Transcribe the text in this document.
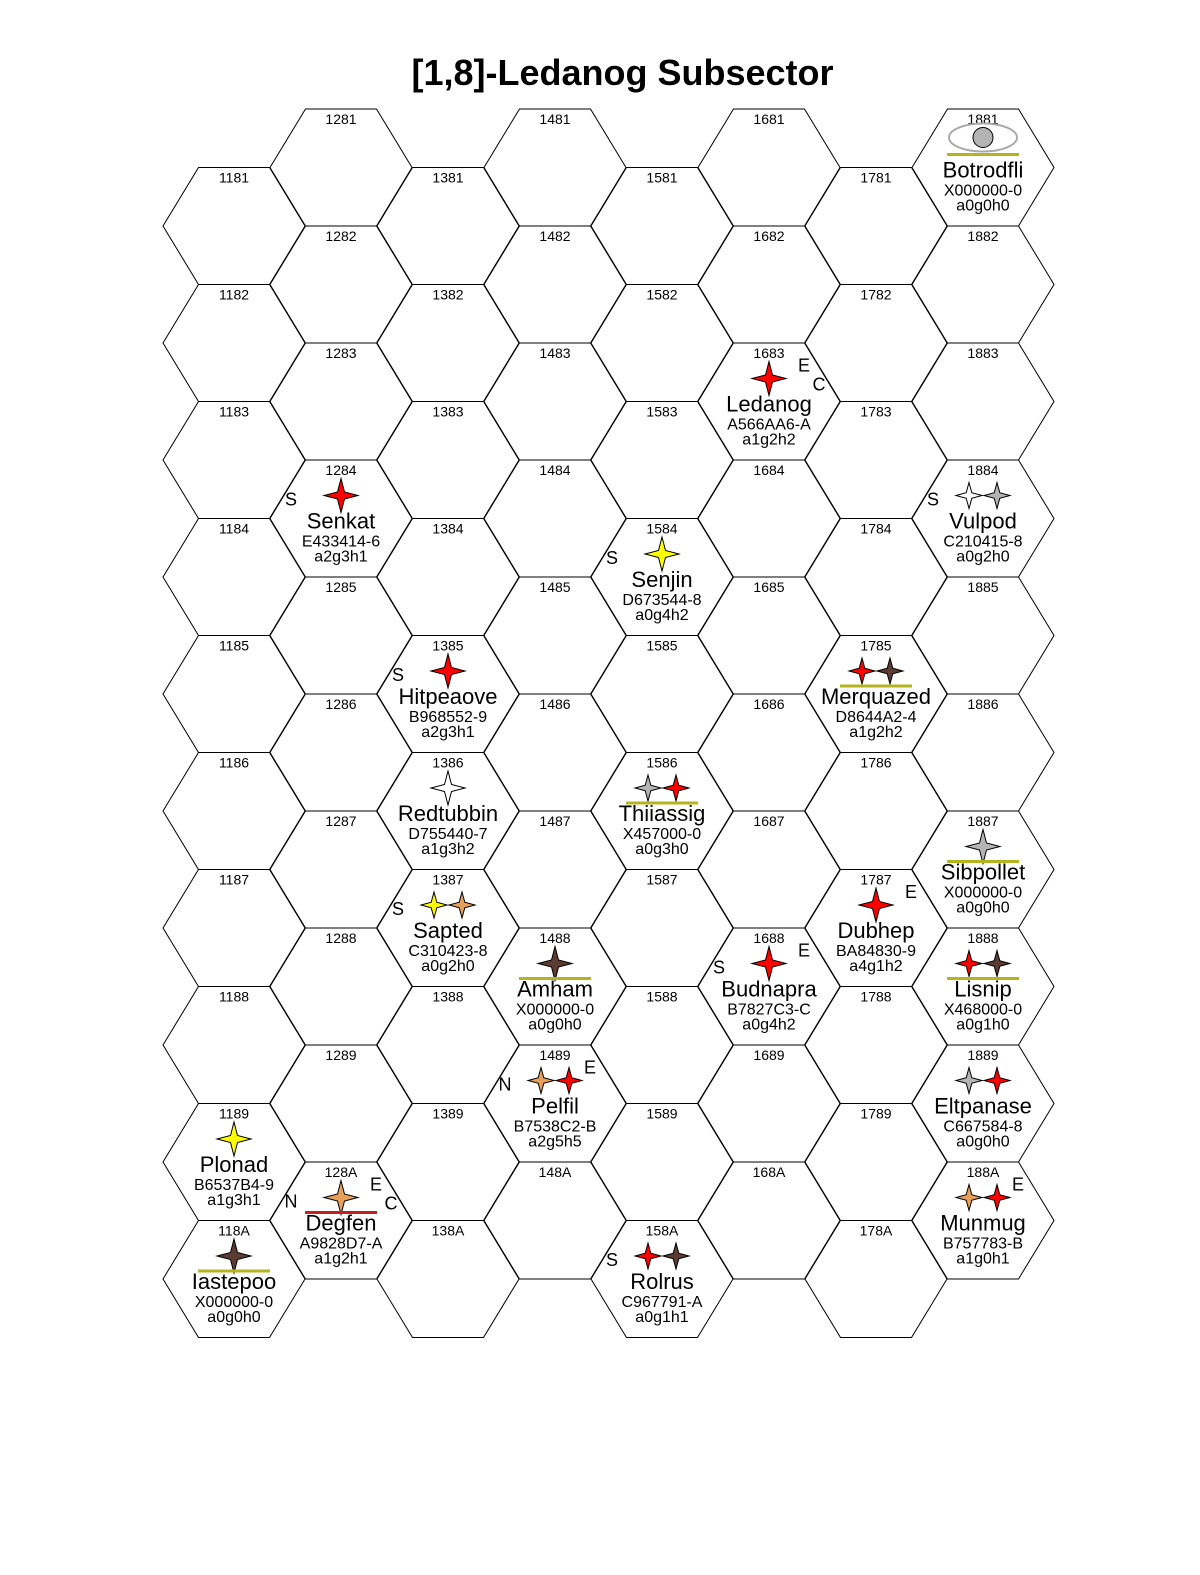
[1,8]-Ledanog Subsector
1181
1182
1183
1184
1185
1186
1187
1188
1189
118A
1281
1282
1283
1284
1285
1286
1287
1288
1289
128A
1381
1382
1383
1384
1385
1386
1387
1388
1389
138A
1481
1482
1483
1484
1485
1486
1487
1488
1489
148A
1581
1582
1583
1584
1585
1586
1587
1588
1589
158A
1681
1682
1683
1684
1685
1686
1687
1688
1689
168A
1781
1782
1783
1784
1785
1786
1787
1788
1789
178A
1881
1882
1883
1884
1885
1886
1887
1888
1889
188A
Botrodfli
X000000-0
a0g0h0
E
C
Ledanog
A566AA6-A
a1g2h2
S
Senkat
E433414-6
a2g3h1
S
Vulpod
C210415-8
a0g2h0
S
Senjin
D673544-8
a0g4h2
S
Hitpeaove
B968552-9
a2g3h1
Merquazed
D8644A2-4
a1g2h2
Redtubbin
D755440-7
a1g3h2
Thiiassig
X457000-0
a0g3h0
Sibpollet
X000000-0
a0g0h0
S
Sapted
C310423-8
a0g2h0
E
Dubhep
BA84830-9
a4g1h2
Amham
X000000-0
a0g0h0
E
S
Budnapra
B7827C3-C
a0g4h2
Lisnip
X468000-0
a0g1h0
N
E
Pelfil
B7538C2-B
a2g5h5
Eltpanase
C667584-8
a0g0h0
Plonad
B6537B4-9
a1g3h1 N
E
C
Degfen
A9828D7-A
a1g2h1
E
Munmug
B757783-B
a1g0h1
Iastepoo
X000000-0
a0g0h0
S
Rolrus
C967791-A
a0g1h1
